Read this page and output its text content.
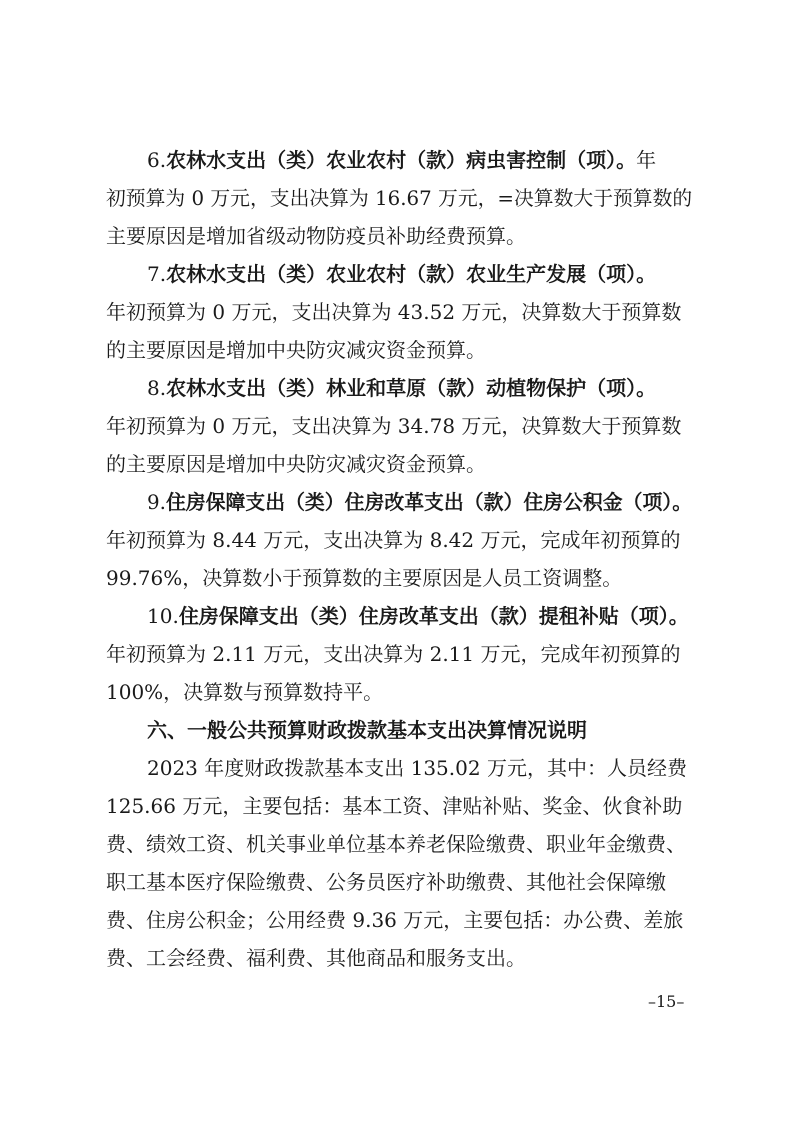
6.农林水支出（类）农业农村（款）病虫害控制（项）。年
初预算为 0 万元，支出决算为 16.67 万元，=决算数大于预算数的
主要原因是增加省级动物防疫员补助经费预算。
7.农林水支出（类）农业农村（款）农业生产发展（项）。
年初预算为 0 万元，支出决算为 43.52 万元，决算数大于预算数
的主要原因是增加中央防灾减灾资金预算。
8.农林水支出（类）林业和草原（款）动植物保护（项）。
年初预算为 0 万元，支出决算为 34.78 万元，决算数大于预算数
的主要原因是增加中央防灾减灾资金预算。
9.住房保障支出（类）住房改革支出（款）住房公积金（项）。
年初预算为 8.44 万元，支出决算为 8.42 万元，完成年初预算的
99.76%，决算数小于预算数的主要原因是人员工资调整。
10.住房保障支出（类）住房改革支出（款）提租补贴（项）。
年初预算为 2.11 万元，支出决算为 2.11 万元，完成年初预算的
100%，决算数与预算数持平。
六、一般公共预算财政拨款基本支出决算情况说明
2023 年度财政拨款基本支出 135.02 万元，其中：人员经费
125.66 万元，主要包括：基本工资、津贴补贴、奖金、伙食补助
费、绩效工资、机关事业单位基本养老保险缴费、职业年金缴费、
职工基本医疗保险缴费、公务员医疗补助缴费、其他社会保障缴
费、住房公积金；公用经费 9.36 万元，主要包括：办公费、差旅
费、工会经费、福利费、其他商品和服务支出。
–15–
